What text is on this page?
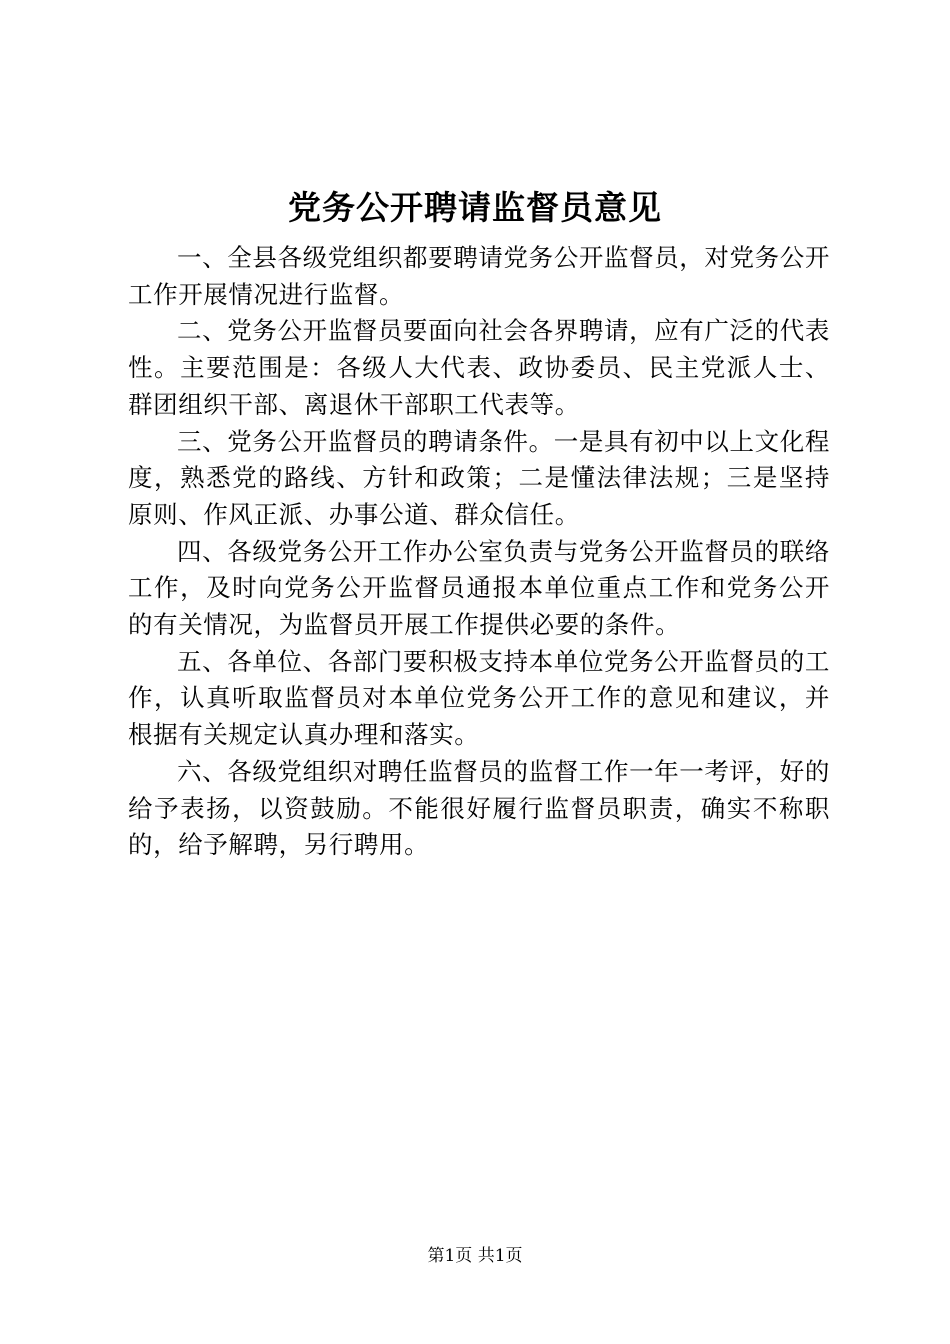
党务公开聘请监督员意见

一、全县各级党组织都要聘请党务公开监督员，对党务公开工作开展情况进行监督。

二、党务公开监督员要面向社会各界聘请，应有广泛的代表性。主要范围是：各级人大代表、政协委员、民主党派人士、群团组织干部、离退休干部职工代表等。

三、党务公开监督员的聘请条件。一是具有初中以上文化程度，熟悉党的路线、方针和政策；二是懂法律法规；三是坚持原则、作风正派、办事公道、群众信任。

四、各级党务公开工作办公室负责与党务公开监督员的联络工作，及时向党务公开监督员通报本单位重点工作和党务公开的有关情况，为监督员开展工作提供必要的条件。

五、各单位、各部门要积极支持本单位党务公开监督员的工作，认真听取监督员对本单位党务公开工作的意见和建议，并根据有关规定认真办理和落实。

六、各级党组织对聘任监督员的监督工作一年一考评，好的给予表扬，以资鼓励。不能很好履行监督员职责，确实不称职的，给予解聘，另行聘用。

第1页 共1页
